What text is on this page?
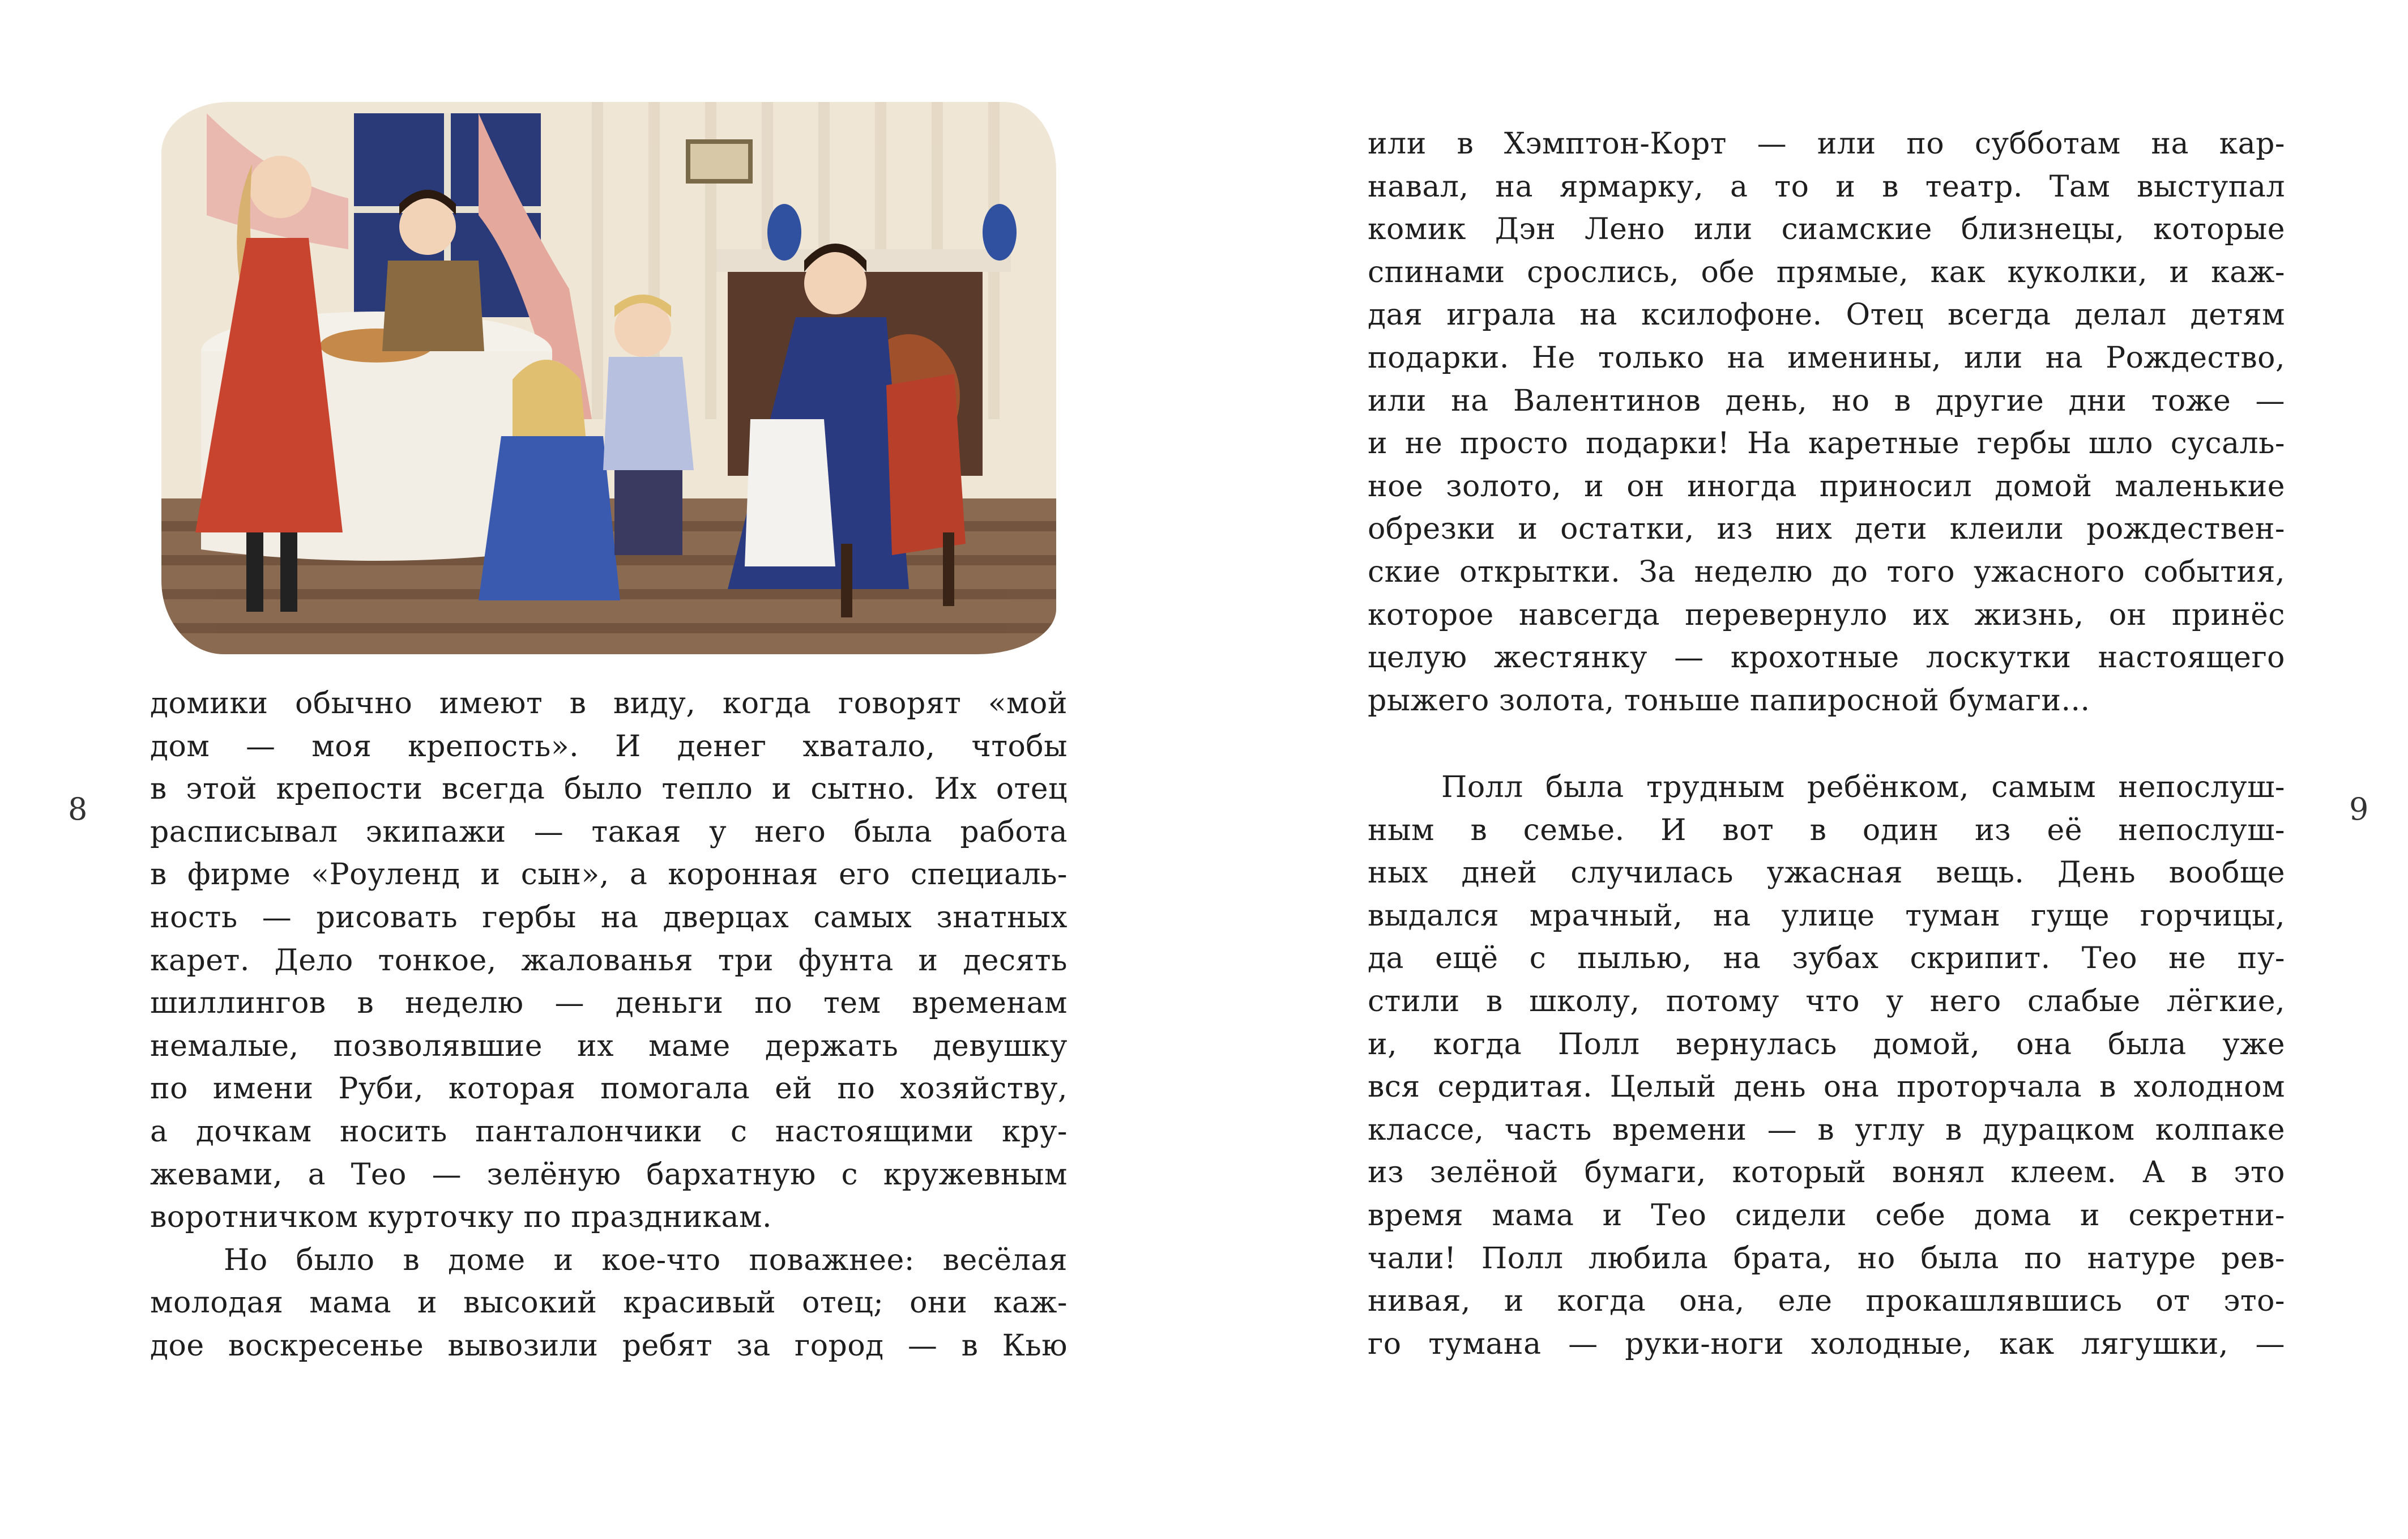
домики обычно имеют в виду, когда говорят «мой
дом — моя крепость». И денег хватало, чтобы
в этой крепости всегда было тепло и сытно. Их отец
расписывал экипажи — такая у него была работа
в фирме «Роуленд и сын», а коронная его специаль-
ность — рисовать гербы на дверцах самых знатных
карет. Дело тонкое, жалованья три фунта и десять
шиллингов в неделю — деньги по тем временам
немалые, позволявшие их маме держать девушку
по имени Руби, которая помогала ей по хозяйству,
а дочкам носить панталончики с настоящими кру-
жевами, а Тео — зелёную бархатную с кружевным
воротничком курточку по праздникам.
Но было в доме и кое-что поважнее: весёлая
молодая мама и высокий красивый отец; они каж-
дое воскресенье вывозили ребят за город — в Кью
8
или в Хэмптон-Корт — или по субботам на кар-
навал, на ярмарку, а то и в театр. Там выступал
комик Дэн Лено или сиамские близнецы, которые
спинами срослись, обе прямые, как куколки, и каж-
дая играла на ксилофоне. Отец всегда делал детям
подарки. Не только на именины, или на Рождество,
или на Валентинов день, но в другие дни тоже —
и не просто подарки! На каретные гербы шло сусаль-
ное золото, и он иногда приносил домой маленькие
обрезки и остатки, из них дети клеили рождествен-
ские открытки. За неделю до того ужасного события,
которое навсегда перевернуло их жизнь, он принёс
целую жестянку — крохотные лоскутки настоящего
рыжего золота, тоньше папиросной бумаги...
Полл была трудным ребёнком, самым непослуш-
ным в семье. И вот в один из её непослуш-
ных дней случилась ужасная вещь. День вообще
выдался мрачный, на улице туман гуще горчицы,
да ещё с пылью, на зубах скрипит. Тео не пу-
стили в школу, потому что у него слабые лёгкие,
и, когда Полл вернулась домой, она была уже
вся сердитая. Целый день она проторчала в холодном
классе, часть времени — в углу в дурацком колпаке
из зелёной бумаги, который вонял клеем. А в это
время мама и Тео сидели себе дома и секретни-
чали! Полл любила брата, но была по натуре рев-
нивая, и когда она, еле прокашлявшись от это-
го тумана — руки-ноги холодные, как лягушки, —
9
